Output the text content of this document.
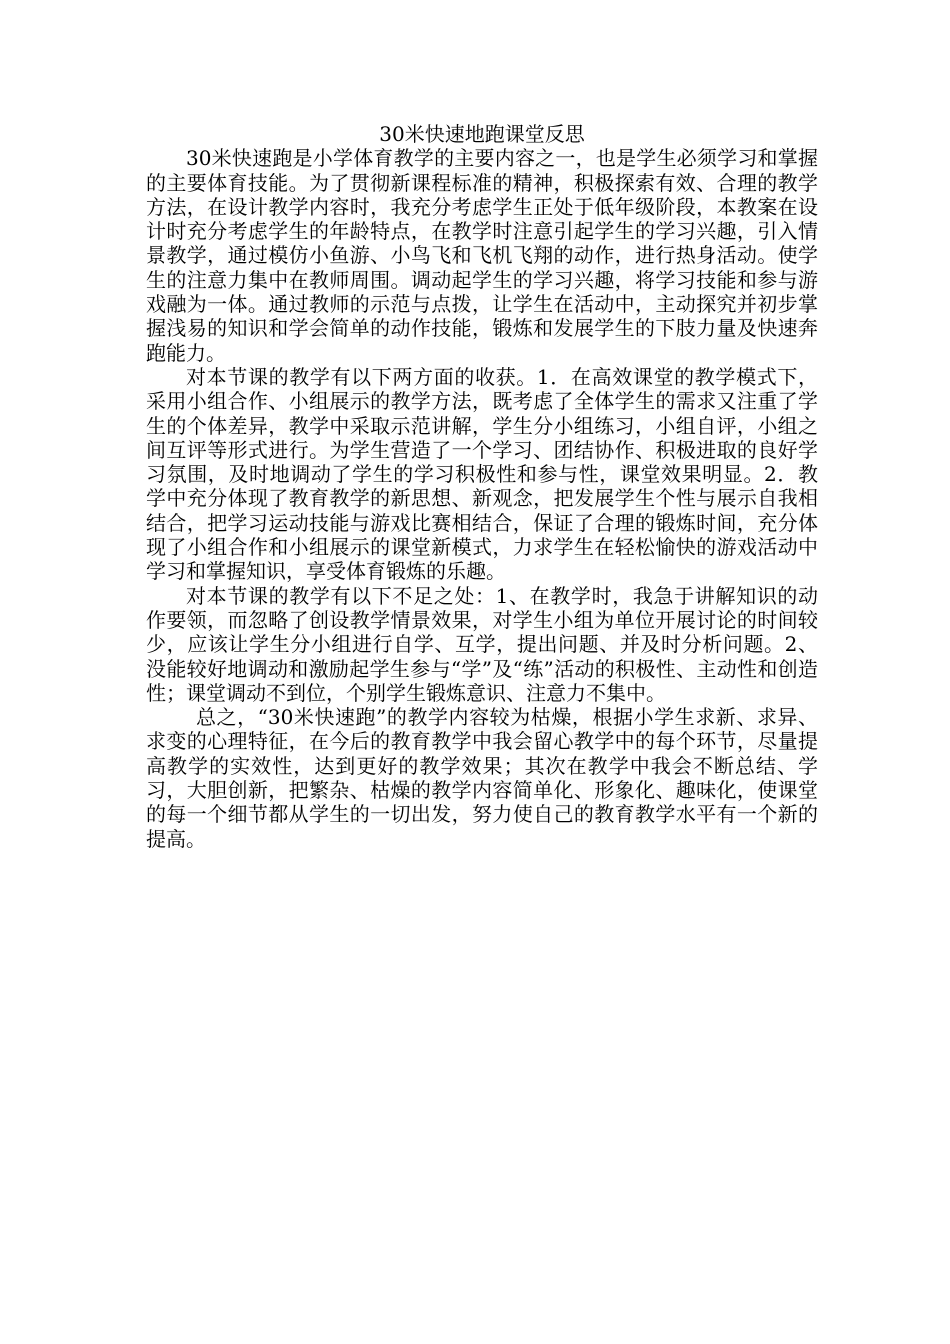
30米快速地跑课堂反思

30米快速跑是小学体育教学的主要内容之一，也是学生必须学习和掌握的主要体育技能。为了贯彻新课程标准的精神，积极探索有效、合理的教学方法，在设计教学内容时，我充分考虑学生正处于低年级阶段，本教案在设计时充分考虑学生的年龄特点，在教学时注意引起学生的学习兴趣，引入情景教学，通过模仿小鱼游、小鸟飞和飞机飞翔的动作，进行热身活动。使学生的注意力集中在教师周围。调动起学生的学习兴趣，将学习技能和参与游戏融为一体。通过教师的示范与点拨，让学生在活动中，主动探究并初步掌握浅易的知识和学会简单的动作技能，锻炼和发展学生的下肢力量及快速奔跑能力。

对本节课的教学有以下两方面的收获。1．在高效课堂的教学模式下，采用小组合作、小组展示的教学方法，既考虑了全体学生的需求又注重了学生的个体差异，教学中采取示范讲解，学生分小组练习，小组自评，小组之间互评等形式进行。为学生营造了一个学习、团结协作、积极进取的良好学习氛围，及时地调动了学生的学习积极性和参与性，课堂效果明显。2．教学中充分体现了教育教学的新思想、新观念，把发展学生个性与展示自我相结合，把学习运动技能与游戏比赛相结合，保证了合理的锻炼时间，充分体现了小组合作和小组展示的课堂新模式，力求学生在轻松愉快的游戏活动中学习和掌握知识，享受体育锻炼的乐趣。

对本节课的教学有以下不足之处：1、在教学时，我急于讲解知识的动作要领，而忽略了创设教学情景效果，对学生小组为单位开展讨论的时间较少，应该让学生分小组进行自学、互学，提出问题、并及时分析问题。2、没能较好地调动和激励起学生参与“学”及“练”活动的积极性、主动性和创造性；课堂调动不到位，个别学生锻炼意识、注意力不集中。

总之，“30米快速跑”的教学内容较为枯燥，根据小学生求新、求异、求变的心理特征，在今后的教育教学中我会留心教学中的每个环节，尽量提高教学的实效性，达到更好的教学效果；其次在教学中我会不断总结、学习，大胆创新，把繁杂、枯燥的教学内容简单化、形象化、趣味化，使课堂的每一个细节都从学生的一切出发，努力使自己的教育教学水平有一个新的提高。
